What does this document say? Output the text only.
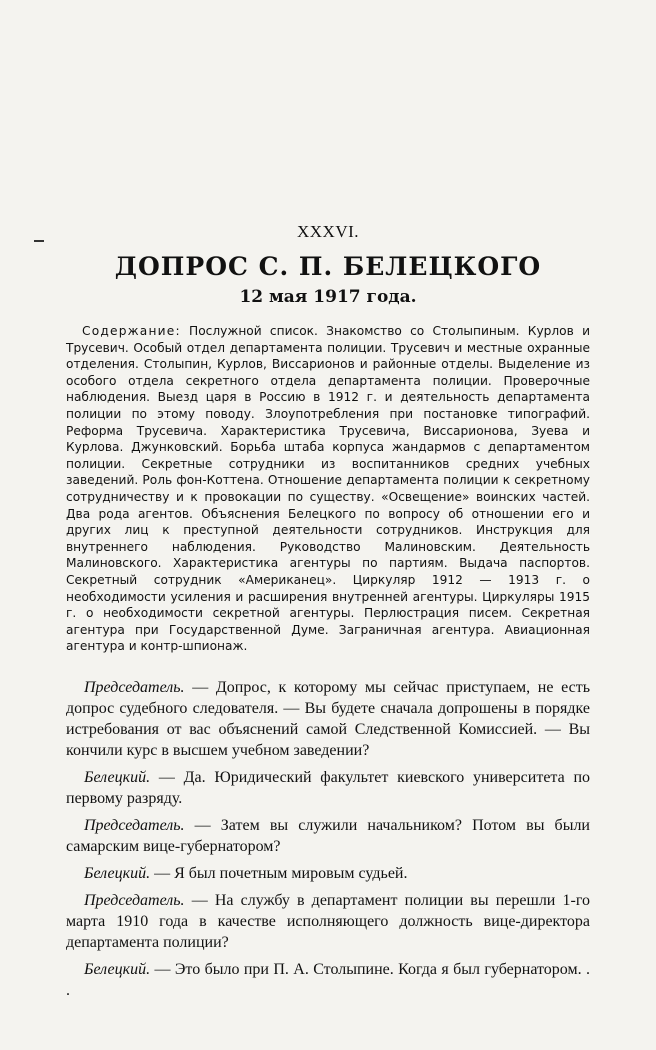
XXXVI.
ДОПРОС С. П. БЕЛЕЦКОГО
12 мая 1917 года.
Содержание: Послужной список. Знакомство со Столыпиным. Курлов и Трусевич. Особый отдел департамента полиции. Трусевич и местные охранные отделения. Столыпин, Курлов, Виссарионов и районные отделы. Выделение из особого отдела секретного отдела департамента полиции. Проверочные наблюдения. Выезд царя в Россию в 1912 г. и деятельность департамента полиции по этому поводу. Злоупотребления при постановке типографий. Реформа Трусевича. Характеристика Трусевича, Виссарионова, Зуева и Курлова. Джунковский. Борьба штаба корпуса жандармов с департаментом полиции. Секретные сотрудники из воспитанников средних учебных заведений. Роль фон-Коттена. Отношение департамента полиции к секретному сотрудничеству и к провокации по существу. «Освещение» воинских частей. Два рода агентов. Объяснения Белецкого по вопросу об отношении его и других лиц к преступной деятельности сотрудников. Инструкция для внутреннего наблюдения. Руководство Малиновским. Деятельность Малиновского. Характеристика агентуры по партиям. Выдача паспортов. Секретный сотрудник «Американец». Циркуляр 1912 — 1913 г. о необходимости усиления и расширения внутренней агентуры. Циркуляры 1915 г. о необходимости секретной агентуры. Перлюстрация писем. Секретная агентура при Государственной Думе. Заграничная агентура. Авиационная агентура и контр-шпионаж.

Председатель. — Допрос, к которому мы сейчас приступаем, не есть допрос судебного следователя. — Вы будете сначала допрошены в порядке истребования от вас объяснений самой Следственной Комиссией. — Вы кончили курс в высшем учебном заведении?

Белецкий. — Да. Юридический факультет киевского университета по первому разряду.

Председатель. — Затем вы служили начальником? Потом вы были самарским вице-губернатором?

Белецкий. — Я был почетным мировым судьей.

Председатель. — На службу в департамент полиции вы перешли 1-го марта 1910 года в качестве исполняющего должность вице-директора департамента полиции?

Белецкий. — Это было при П. А. Столыпине. Когда я был губернатором. . .
